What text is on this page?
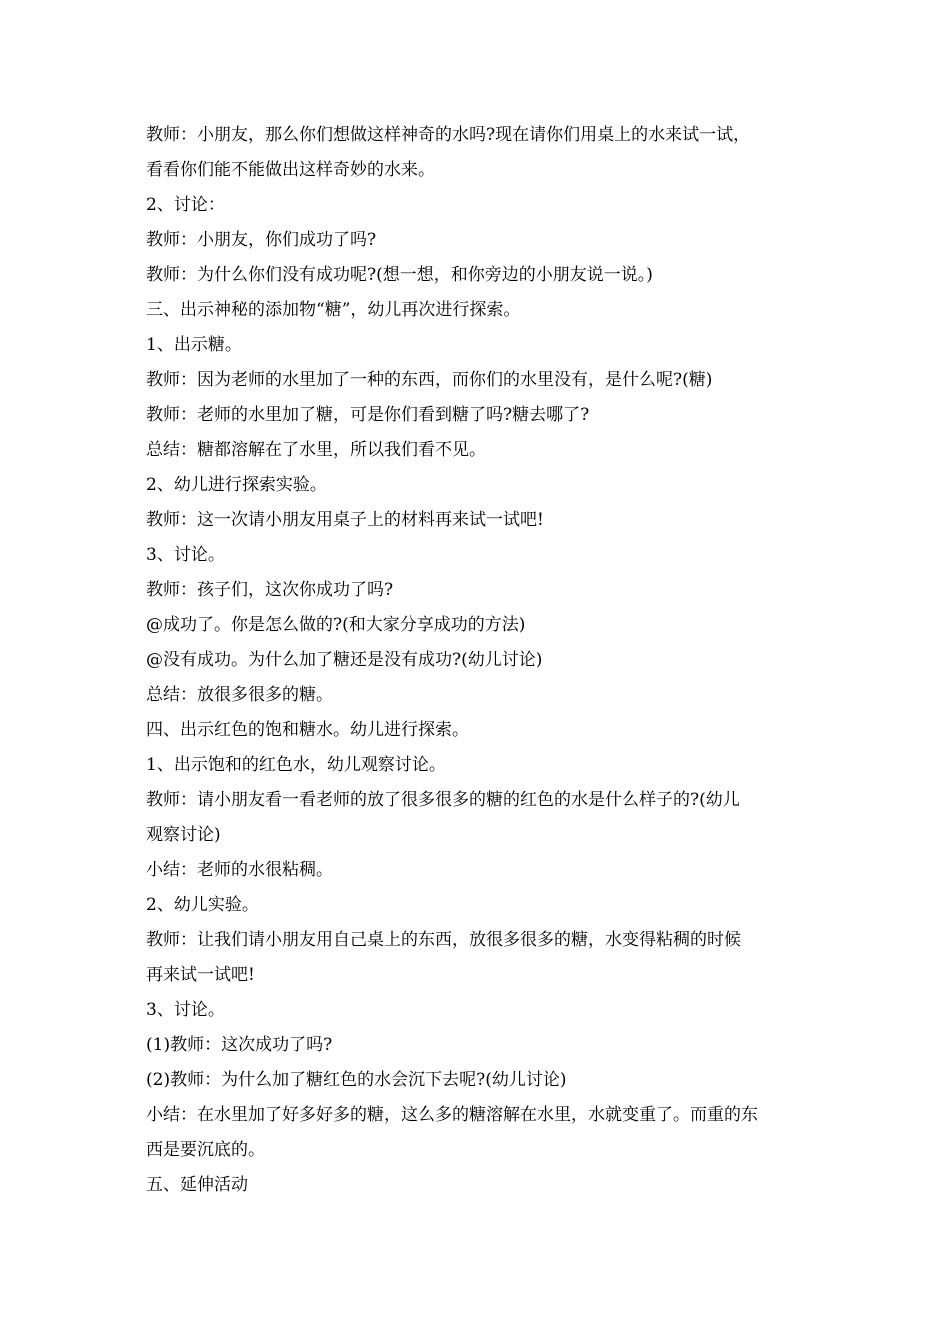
教师：小朋友，那么你们想做这样神奇的水吗?现在请你们用桌上的水来试一试，
看看你们能不能做出这样奇妙的水来。
2、讨论：
教师：小朋友，你们成功了吗?
教师：为什么你们没有成功呢?(想一想，和你旁边的小朋友说一说。)
三、出示神秘的添加物“糖”，幼儿再次进行探索。
1、出示糖。
教师：因为老师的水里加了一种的东西，而你们的水里没有，是什么呢?(糖)
教师：老师的水里加了糖，可是你们看到糖了吗?糖去哪了?
总结：糖都溶解在了水里，所以我们看不见。
2、幼儿进行探索实验。
教师：这一次请小朋友用桌子上的材料再来试一试吧!
3、讨论。
教师：孩子们，这次你成功了吗?
@成功了。你是怎么做的?(和大家分享成功的方法)
@没有成功。为什么加了糖还是没有成功?(幼儿讨论)
总结：放很多很多的糖。
四、出示红色的饱和糖水。幼儿进行探索。
1、出示饱和的红色水，幼儿观察讨论。
教师：请小朋友看一看老师的放了很多很多的糖的红色的水是什么样子的?(幼儿
观察讨论)
小结：老师的水很粘稠。
2、幼儿实验。
教师：让我们请小朋友用自己桌上的东西，放很多很多的糖，水变得粘稠的时候
再来试一试吧!
3、讨论。
(1)教师：这次成功了吗?
(2)教师：为什么加了糖红色的水会沉下去呢?(幼儿讨论)
小结：在水里加了好多好多的糖，这么多的糖溶解在水里，水就变重了。而重的东
西是要沉底的。
五、延伸活动
